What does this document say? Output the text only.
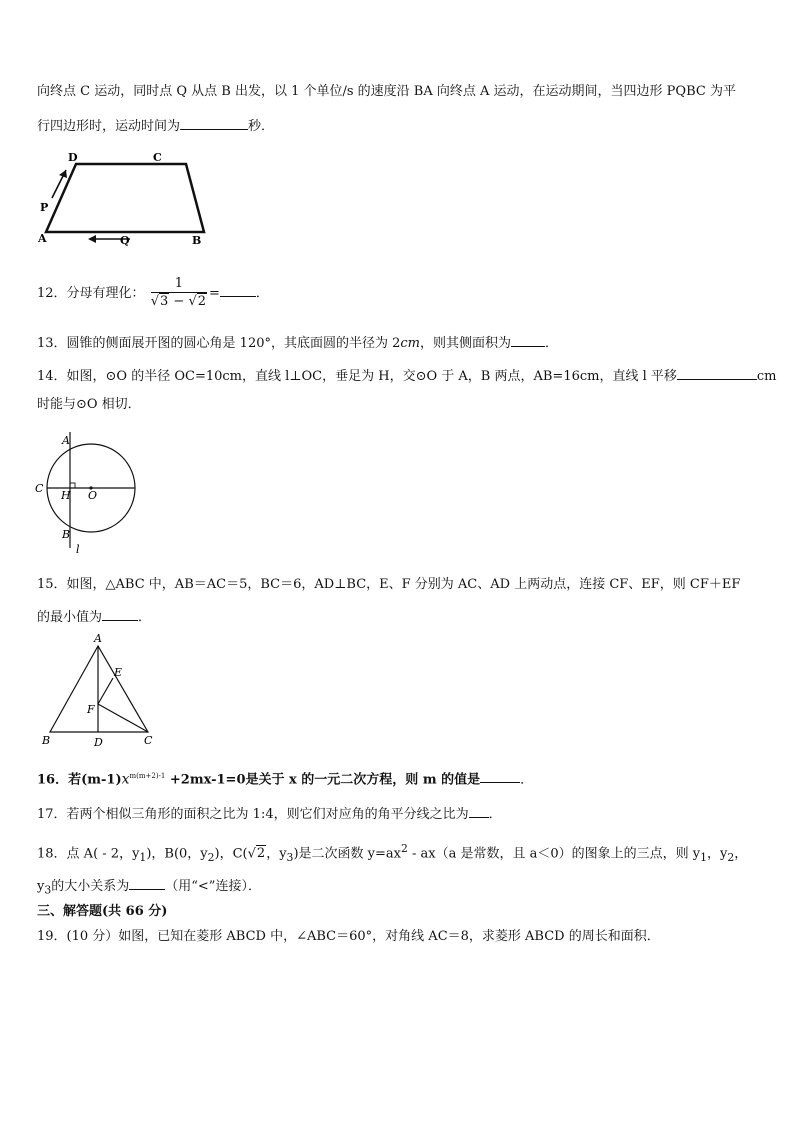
向终点 C 运动，同时点 Q 从点 B 出发，以 1 个单位/s 的速度沿 BA 向终点 A 运动，在运动期间，当四边形 PQBC 为平
行四边形时，运动时间为	秒．
D	C
P
A	Q	B
12．分母有理化： $\frac{1}{√3 - √2}$ =	．
13．圆锥的侧面展开图的圆心角是 120°，其底面圆的半径为 2cm，则其侧面积为	．
14．如图，⊙O 的半径 OC=10cm，直线 l⊥OC，垂足为 H，交⊙O 于 A，B 两点，AB=16cm，直线 l 平移	cm
时能与⊙O 相切．
A
C
H O
B
l
15．如图，△ABC 中，AB＝AC＝5，BC＝6，AD⊥BC，E、F 分别为 AC、AD 上两动点，连接 CF、EF，则 CF＋EF
的最小值为	．
A
E
F
B	D	C
16．若$(m-1)x^{m(m+2)-1} +2mx-1=0$是关于 x 的一元二次方程，则 m 的值是	．
17．若两个相似三角形的面积之比为 1:4，则它们对应角的角平分线之比为 ．
18．点 A( - 2，$y_1$)，B(0，$y_2$)，C(√2，$y_3$)是二次函数 $y=ax^2 - ax(a$ 是常数，且 a＜0）的图象上的三点，则 $y_1$，$y_2$，
$y_3$的大小关系为	（用“<”连接）．
三、解答题(共 66 分)
19．(10 分）如图，已知在菱形 ABCD 中，∠ABC＝60°，对角线 AC＝8，求菱形 ABCD 的周长和面积．
